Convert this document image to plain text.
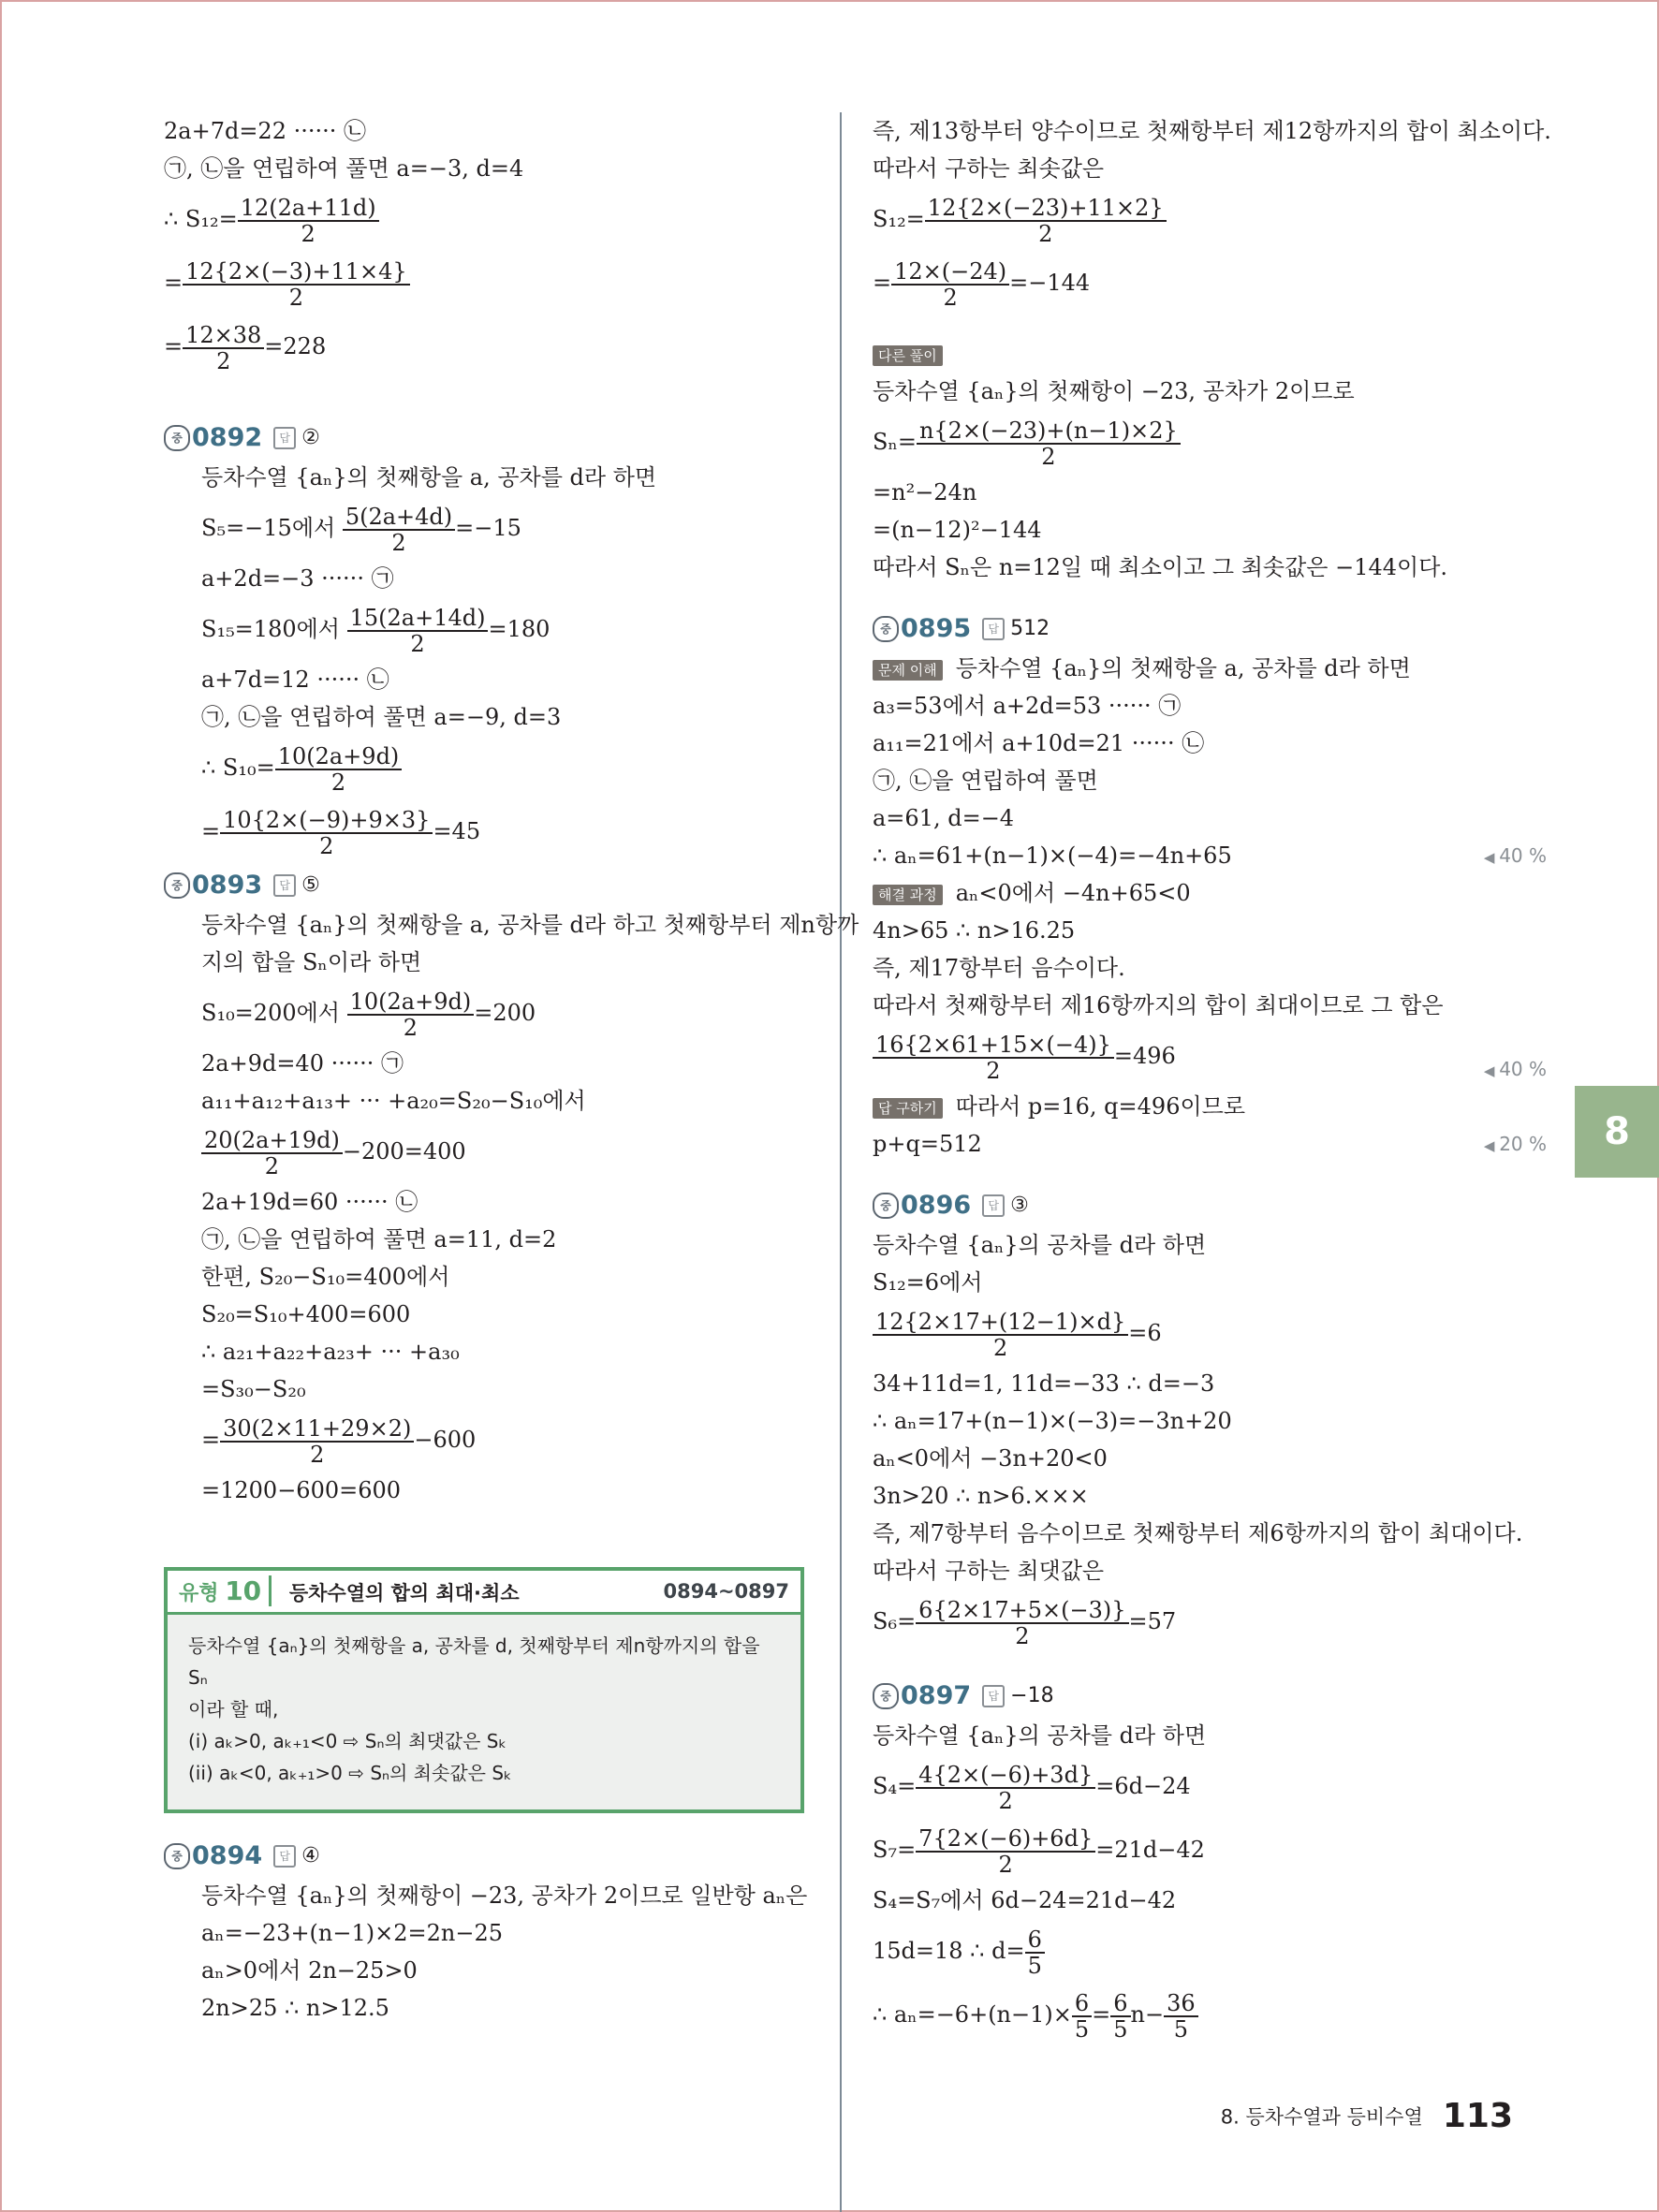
2a+7d=22 ······ ㉡
㉠, ㉡을 연립하여 풀면 a=−3, d=4
∴ $S_{12}= \frac{12(2a+11d)}{2}$
= $\frac{12\{2\times(-3)+11\times 4\}}{2}$
= $\frac{12\times 38}{2} =228$
중 0892 답 ②
등차수열 {aₙ}의 첫째항을 a, 공차를 d라 하면
S₅=−15에서 $\frac{5(2a+4d)}{2} =-15$
a+2d=−3 ······ ㉠
S₁₅=180에서 $\frac{15(2a+14d)}{2} =180$
a+7d=12 ······ ㉡
㉠, ㉡을 연립하여 풀면 a=−9, d=3
∴ $S_{10}= \frac{10(2a+9d)}{2}$
= $\frac{10\{2\times(-9)+9\times 3\}}{2} =45$
중 0893 답 ⑤
등차수열 {aₙ}의 첫째항을 a, 공차를 d라 하고 첫째항부터 제n항까
지의 합을 Sₙ이라 하면
S₁₀=200에서 $\frac{10(2a+9d)}{2} =200$
2a+9d=40 ······ ㉠
a₁₁+a₁₂+a₁₃+ ··· +a₂₀=S₂₀−S₁₀에서
$\frac{20(2a+19d)}{2} -200=400$
2a+19d=60 ······ ㉡
㉠, ㉡을 연립하여 풀면 a=11, d=2
한편, S₂₀−S₁₀=400에서
S₂₀=S₁₀+400=600
∴ a₂₁+a₂₂+a₂₃+ ··· +a₃₀
=S₃₀−S₂₀
= $\frac{30(2\times 11+29\times 2)}{2} -600$
=1200−600=600
유형 10 등차수열의 합의 최대·최소	0894~0897
등차수열 {aₙ}의 첫째항을 a, 공차를 d, 첫째항부터 제n항까지의 합을 Sₙ
이라 할 때,
(i) aₖ>0, aₖ₊₁<0 ⇨ Sₙ의 최댓값은 Sₖ
(ii) aₖ<0, aₖ₊₁>0 ⇨ Sₙ의 최솟값은 Sₖ
중 0894 답 ④
등차수열 {aₙ}의 첫째항이 −23, 공차가 2이므로 일반항 aₙ은
aₙ=−23+(n−1)×2=2n−25
aₙ>0에서 2n−25>0
2n>25 ∴ n>12.5
즉, 제13항부터 양수이므로 첫째항부터 제12항까지의 합이 최소이다.
따라서 구하는 최솟값은
$S_{12}= \frac{12\{2\times(-23)+11\times 2\}}{2}$
= $\frac{12\times(-24)}{2} =-144$
다른 풀이
등차수열 {aₙ}의 첫째항이 −23, 공차가 2이므로
$S_n= \frac{n\{2\times(-23)+(n-1)\times 2\}}{2}$
=n²−24n
=(n−12)²−144
따라서 Sₙ은 n=12일 때 최소이고 그 최솟값은 −144이다.
중 0895 답 512
문제 이해 등차수열 {aₙ}의 첫째항을 a, 공차를 d라 하면
a₃=53에서 a+2d=53 ······ ㉠
a₁₁=21에서 a+10d=21 ······ ㉡
㉠, ㉡을 연립하여 풀면
a=61, d=−4
∴ aₙ=61+(n−1)×(−4)=−4n+65	◀ 40 %
해결 과정 aₙ<0에서 −4n+65<0
4n>65 ∴ n>16.25
즉, 제17항부터 음수이다.
따라서 첫째항부터 제16항까지의 합이 최대이므로 그 합은
$\frac{16\{2\times 61+15\times(-4)\}}{2} =496$	◀ 40 %
답 구하기 따라서 p=16, q=496이므로
p+q=512	◀ 20 %
중 0896 답 ③
등차수열 {aₙ}의 공차를 d라 하면
S₁₂=6에서
$\frac{12\{2\times 17+(12-1)\times d\}}{2} =6$
34+11d=1, 11d=−33 ∴ d=−3
∴ aₙ=17+(n−1)×(−3)=−3n+20
aₙ<0에서 −3n+20<0
3n>20 ∴ n>6.×××
즉, 제7항부터 음수이므로 첫째항부터 제6항까지의 합이 최대이다.
따라서 구하는 최댓값은
$S_6= \frac{6\{2\times 17+5\times(-3)\}}{2} =57$
중 0897 답 −18
등차수열 {aₙ}의 공차를 d라 하면
$S_4= \frac{4\{2\times(-6)+3d\}}{2} =6d-24$
$S_7= \frac{7\{2\times(-6)+6d\}}{2} =21d-42$
S₄=S₇에서 6d−24=21d−42
15d=18 ∴ $d= \frac{6}{5}$
∴ $a_n=-6+(n-1)\times \frac{6}{5} = \frac{6}{5} n- \frac{36}{5}$
8
8. 등차수열과 등비수열 113
